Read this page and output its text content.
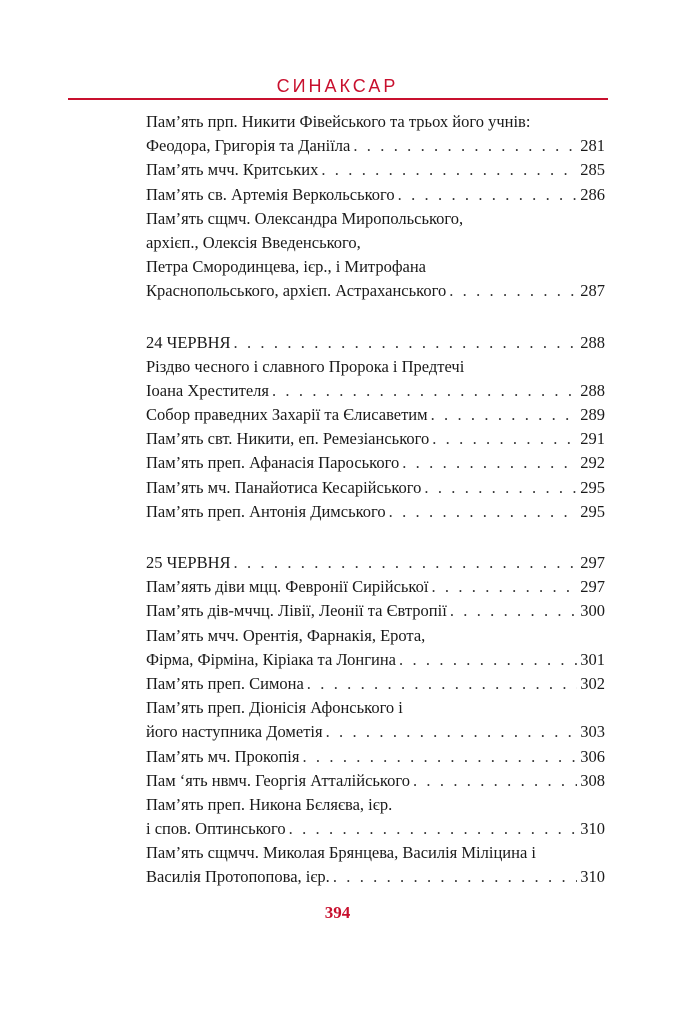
СИНАКСАР
Пам’ять прп. Никити Фівейського та трьох його учнів:
Феодора, Григорія та Даніїла . . .	281
Пам’ять мчч. Критських . . .	285
Пам’ять св. Артемія Веркольського . . .	286
Пам’ять сщмч. Олександра Миропольського,
архієп., Олексія Введенського,
Петра Смородинцева, ієр., і Митрофана
Краснопольського, архієп. Астраханського . . .	287
24 ЧЕРВНЯ . . .	288
Різдво чесного і славного Пророка і Предтечі
Іоана Хрестителя . . .	288
Собор праведних Захарії та Єлисаветим . . .	289
Пам’ять свт. Никити, еп. Ремезіанського . . .	291
Пам’ять преп. Афанасія Пароського . . .	292
Пам’ять мч. Панайотиса Кесарійського . . .	295
Пам’ять преп. Антонія Димського . . .	295
25 ЧЕРВНЯ . . .	297
Пам’яять діви мцц. Февронії Сирійської . . .	297
Пам’ять дів-мччц. Лівії, Леонії та Євтропії . . .	300
Пам’ять мчч. Орентія, Фарнакія, Ерота,
Фірма, Фірміна, Кіріака та Лонгина . . .	301
Пам’ять преп. Симона . . .	302
Пам’ять преп. Діонісія Афонського і
його наступника Дометія . . .	303
Пам’ять мч. Прокопія . . .	306
Пам ‘ять нвмч. Георгія Атталійського . . .	308
Пам’ять преп. Никона Бєляєва, ієр.
і спов. Оптинського . . .	310
Пам’ять сщмчч. Миколая Брянцева, Василія Міліцина і
Василія Протопопова, ієр. . . .	310
394
